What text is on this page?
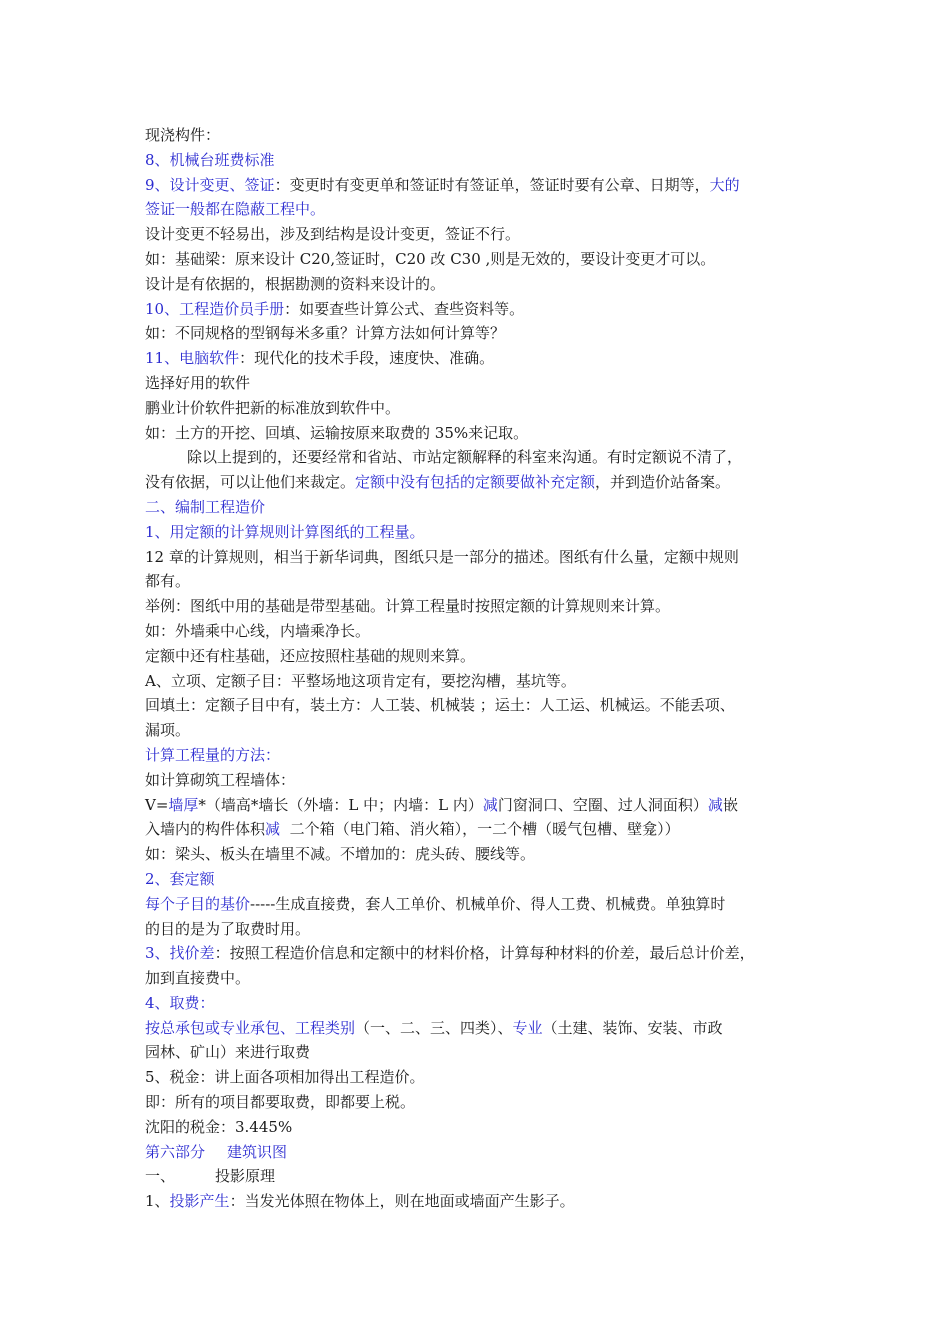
现浇构件：
8、机械台班费标准
9、设计变更、签证：变更时有变更单和签证时有签证单，签证时要有公章、日期等，大的
签证一般都在隐蔽工程中。
设计变更不轻易出，涉及到结构是设计变更，签证不行。
如：基础梁：原来设计 C20,签证时，C20 改 C30 ,则是无效的，要设计变更才可以。
设计是有依据的，根据勘测的资料来设计的。
10、工程造价员手册：如要查些计算公式、查些资料等。
如：不同规格的型钢每米多重？计算方法如何计算等？
11、电脑软件：现代化的技术手段，速度快、准确。
选择好用的软件
鹏业计价软件把新的标准放到软件中。
如：土方的开挖、回填、运输按原来取费的 35%来记取。
除以上提到的，还要经常和省站、市站定额解释的科室来沟通。有时定额说不清了，
没有依据，可以让他们来裁定。定额中没有包括的定额要做补充定额，并到造价站备案。
二、编制工程造价
1、用定额的计算规则计算图纸的工程量。
12 章的计算规则，相当于新华词典，图纸只是一部分的描述。图纸有什么量，定额中规则
都有。
举例：图纸中用的基础是带型基础。计算工程量时按照定额的计算规则来计算。
如：外墙乘中心线，内墙乘净长。
定额中还有柱基础，还应按照柱基础的规则来算。
A、立项、定额子目：平整场地这项肯定有，要挖沟槽，基坑等。
回填土：定额子目中有，装土方：人工装、机械装 ；运土：人工运、机械运。不能丢项、
漏项。
计算工程量的方法：
如计算砌筑工程墙体：
V=墙厚*（墙高*墙长（外墙：L 中；内墙：L 内）减门窗洞口、空圈、过人洞面积）减嵌
入墙内的构件体积减  二个箱（电门箱、消火箱），一二个槽（暖气包槽、壁龛））
如：梁头、板头在墙里不减。不增加的：虎头砖、腰线等。
2、套定额
每个子目的基价-----生成直接费，套人工单价、机械单价、得人工费、机械费。单独算时
的目的是为了取费时用。
3、找价差：按照工程造价信息和定额中的材料价格，计算每种材料的价差，最后总计价差，
加到直接费中。
4、取费：
按总承包或专业承包、工程类别（一、二、三、四类）、专业（土建、装饰、安装、市政
园林、矿山）来进行取费
5、税金：讲上面各项相加得出工程造价。
即：所有的项目都要取费，即都要上税。
沈阳的税金：3.445%
第六部分 建筑识图
一、	投影原理
1、投影产生：当发光体照在物体上，则在地面或墙面产生影子。
